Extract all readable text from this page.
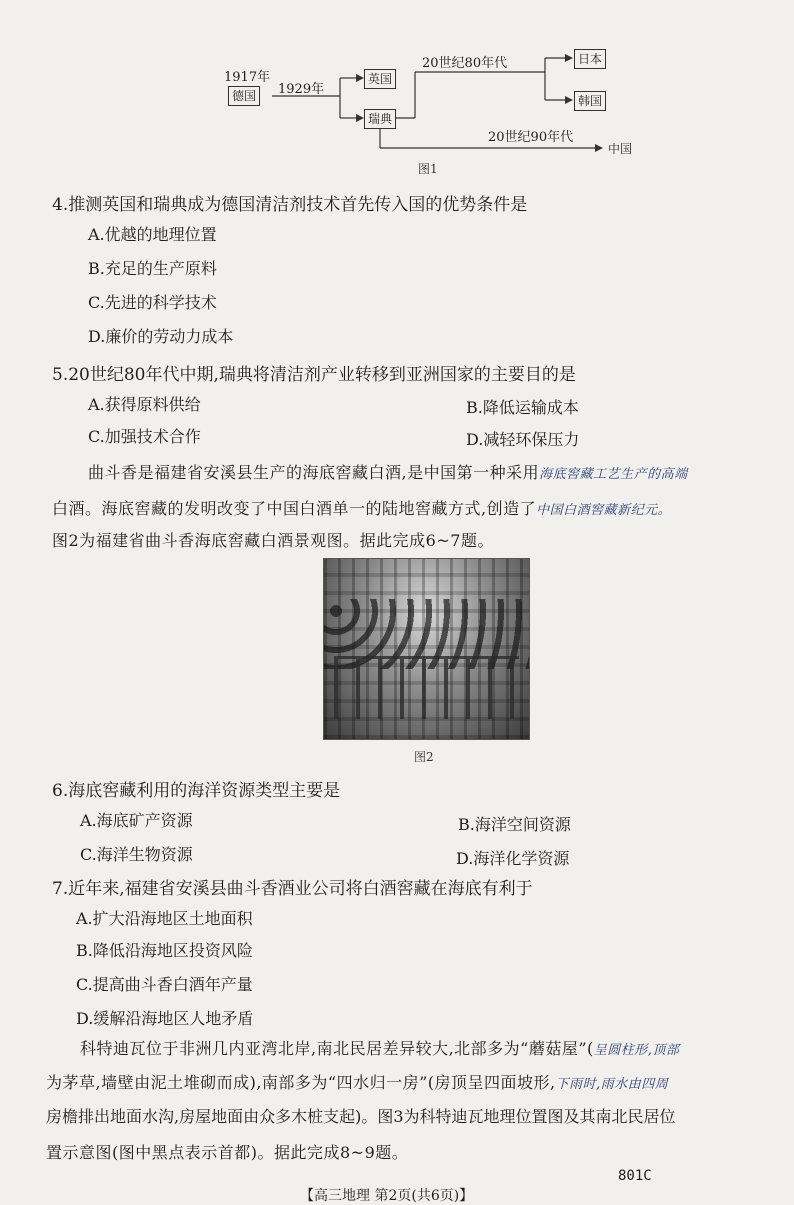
1917年
德国	1929年
英国
瑞典
20世纪80年代	日本
韩国
20世纪90年代
中国
图1
4.推测英国和瑞典成为德国清洁剂技术首先传入国的优势条件是
A.优越的地理位置
B.充足的生产原料
C.先进的科学技术
D.廉价的劳动力成本
5.20世纪80年代中期,瑞典将清洁剂产业转移到亚洲国家的主要目的是
A.获得原料供给	B.降低运输成本
C.加强技术合作	D.减轻环保压力
曲斗香是福建省安溪县生产的海底窖藏白酒,是中国第一种采用海底窖藏工艺生产的高端
白酒。海底窖藏的发明改变了中国白酒单一的陆地窖藏方式,创造了中国白酒窖藏新纪元。
图2为福建省曲斗香海底窖藏白酒景观图。据此完成6~7题。
图2
6.海底窖藏利用的海洋资源类型主要是
A.海底矿产资源	B.海洋空间资源
C.海洋生物资源	D.海洋化学资源
7.近年来,福建省安溪县曲斗香酒业公司将白酒窖藏在海底有利于
A.扩大沿海地区土地面积
B.降低沿海地区投资风险
C.提高曲斗香白酒年产量
D.缓解沿海地区人地矛盾
科特迪瓦位于非洲几内亚湾北岸,南北民居差异较大,北部多为“蘑菇屋”(呈圆柱形,顶部
为茅草,墙壁由泥土堆砌而成),南部多为“四水归一房”(房顶呈四面坡形,下雨时,雨水由四周
房檐排出地面水沟,房屋地面由众多木桩支起)。图3为科特迪瓦地理位置图及其南北民居位
置示意图(图中黑点表示首都)。据此完成8~9题。
801C
【高三地理 第2页(共6页)】
